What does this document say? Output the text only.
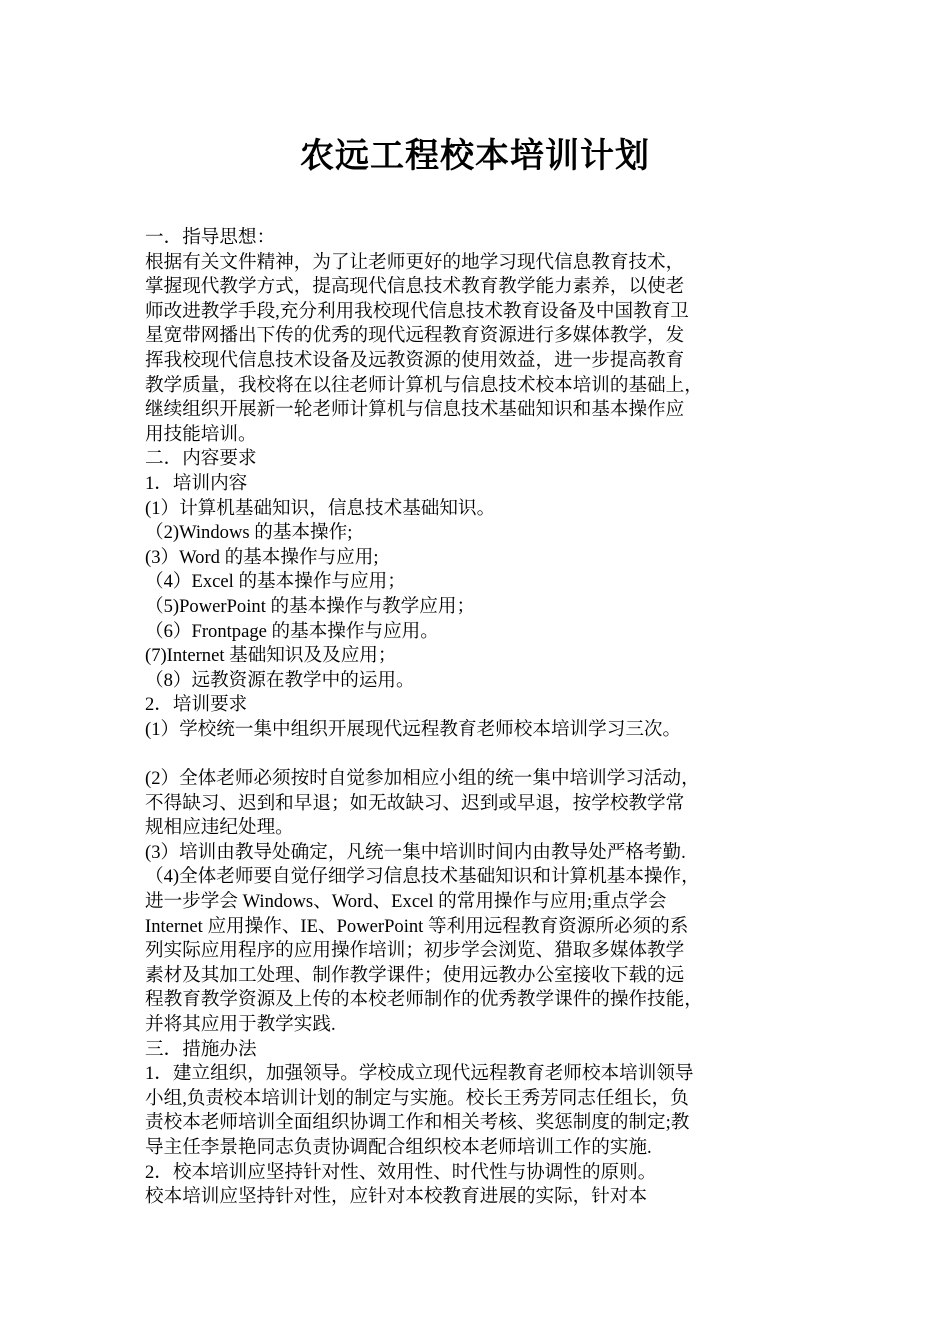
农远工程校本培训计划
一．指导思想：
根据有关文件精神，为了让老师更好的地学习现代信息教育技术，
掌握现代教学方式，提高现代信息技术教育教学能力素养，以使老
师改进教学手段,充分利用我校现代信息技术教育设备及中国教育卫
星宽带网播出下传的优秀的现代远程教育资源进行多媒体教学，发
挥我校现代信息技术设备及远教资源的使用效益，进一步提高教育
教学质量，我校将在以往老师计算机与信息技术校本培训的基础上，
继续组织开展新一轮老师计算机与信息技术基础知识和基本操作应
用技能培训。
二．内容要求
1．培训内容
(1）计算机基础知识，信息技术基础知识。
（2)Windows 的基本操作;
(3）Word 的基本操作与应用;
（4）Excel 的基本操作与应用；
（5)PowerPoint 的基本操作与教学应用；
（6）Frontpage 的基本操作与应用。
(7)Internet 基础知识及及应用；
（8）远教资源在教学中的运用。
2．培训要求
(1）学校统一集中组织开展现代远程教育老师校本培训学习三次。
(2）全体老师必须按时自觉参加相应小组的统一集中培训学习活动，
不得缺习、迟到和早退；如无故缺习、迟到或早退，按学校教学常
规相应违纪处理。
(3）培训由教导处确定，凡统一集中培训时间内由教导处严格考勤.
（4)全体老师要自觉仔细学习信息技术基础知识和计算机基本操作，
进一步学会 Windows、Word、Excel 的常用操作与应用;重点学会
Internet 应用操作、IE、PowerPoint 等利用远程教育资源所必须的系
列实际应用程序的应用操作培训；初步学会浏览、猎取多媒体教学
素材及其加工处理、制作教学课件；使用远教办公室接收下载的远
程教育教学资源及上传的本校老师制作的优秀教学课件的操作技能，
并将其应用于教学实践.
三．措施办法
1．建立组织，加强领导。学校成立现代远程教育老师校本培训领导
小组,负责校本培训计划的制定与实施。校长王秀芳同志任组长，负
责校本老师培训全面组织协调工作和相关考核、奖惩制度的制定;教
导主任李景艳同志负责协调配合组织校本老师培训工作的实施.
2．校本培训应坚持针对性、效用性、时代性与协调性的原则。
校本培训应坚持针对性，应针对本校教育进展的实际，针对本
